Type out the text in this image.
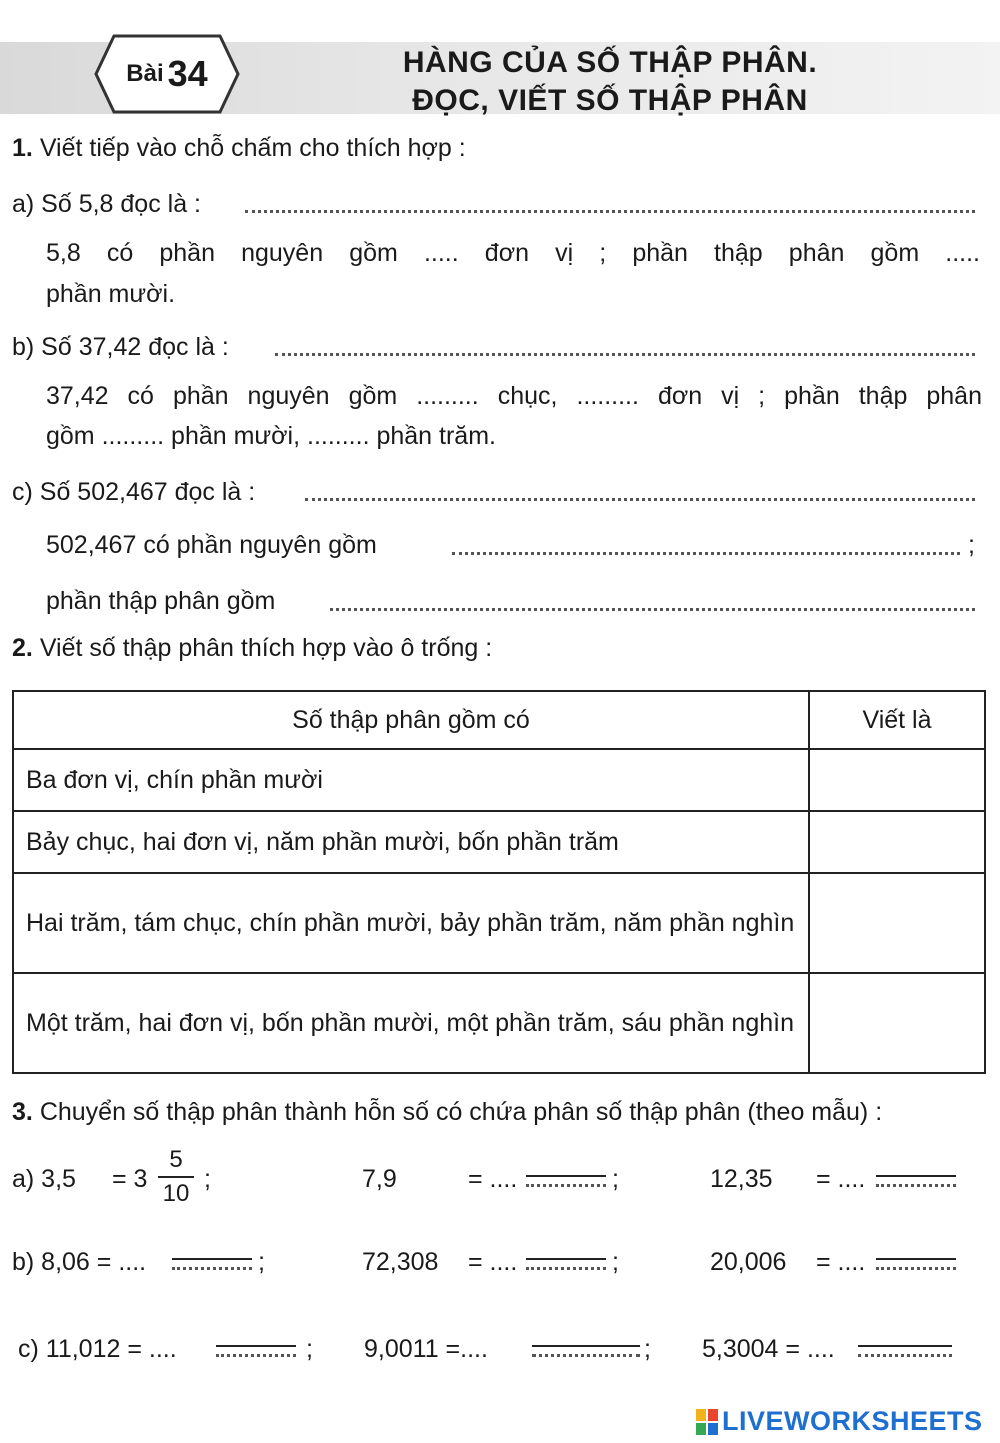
Bài 34	HÀNG CỦA SỐ THẬP PHÂN.
ĐỌC, VIẾT SỐ THẬP PHÂN
1. Viết tiếp vào chỗ chấm cho thích hợp :
a) Số 5,8 đọc là :
5,8 có phần nguyên gồm ..... đơn vị ; phần thập phân gồm .....
phần mười.
b) Số 37,42 đọc là :
37,42 có phần nguyên gồm ......... chục, ......... đơn vị ; phần thập phân
gồm ......... phần mười, ......... phần trăm.
c) Số 502,467 đọc là :
502,467 có phần nguyên gồm	;
phần thập phân gồm
2. Viết số thập phân thích hợp vào ô trống :
Số thập phân gồm có	Viết là
Ba đơn vị, chín phần mười	
Bảy chục, hai đơn vị, năm phần mười, bốn phần trăm	
Hai trăm, tám chục, chín phần mười, bảy phần trăm, năm phần nghìn	
Một trăm, hai đơn vị, bốn phần mười, một phần trăm, sáu phần nghìn	
3. Chuyển số thập phân thành hỗn số có chứa phân số thập phân (theo mẫu) :
a) 3,5 = 3
5
10
;	7,9	= ....	;	12,35 = ....
b) 8,06 = ....	;	72,308 = ....	;	20,006 = ....
c) 11,012 = ....	; 9,0011 =....	; 5,3004 = ....
LIVEWORKSHEETS
